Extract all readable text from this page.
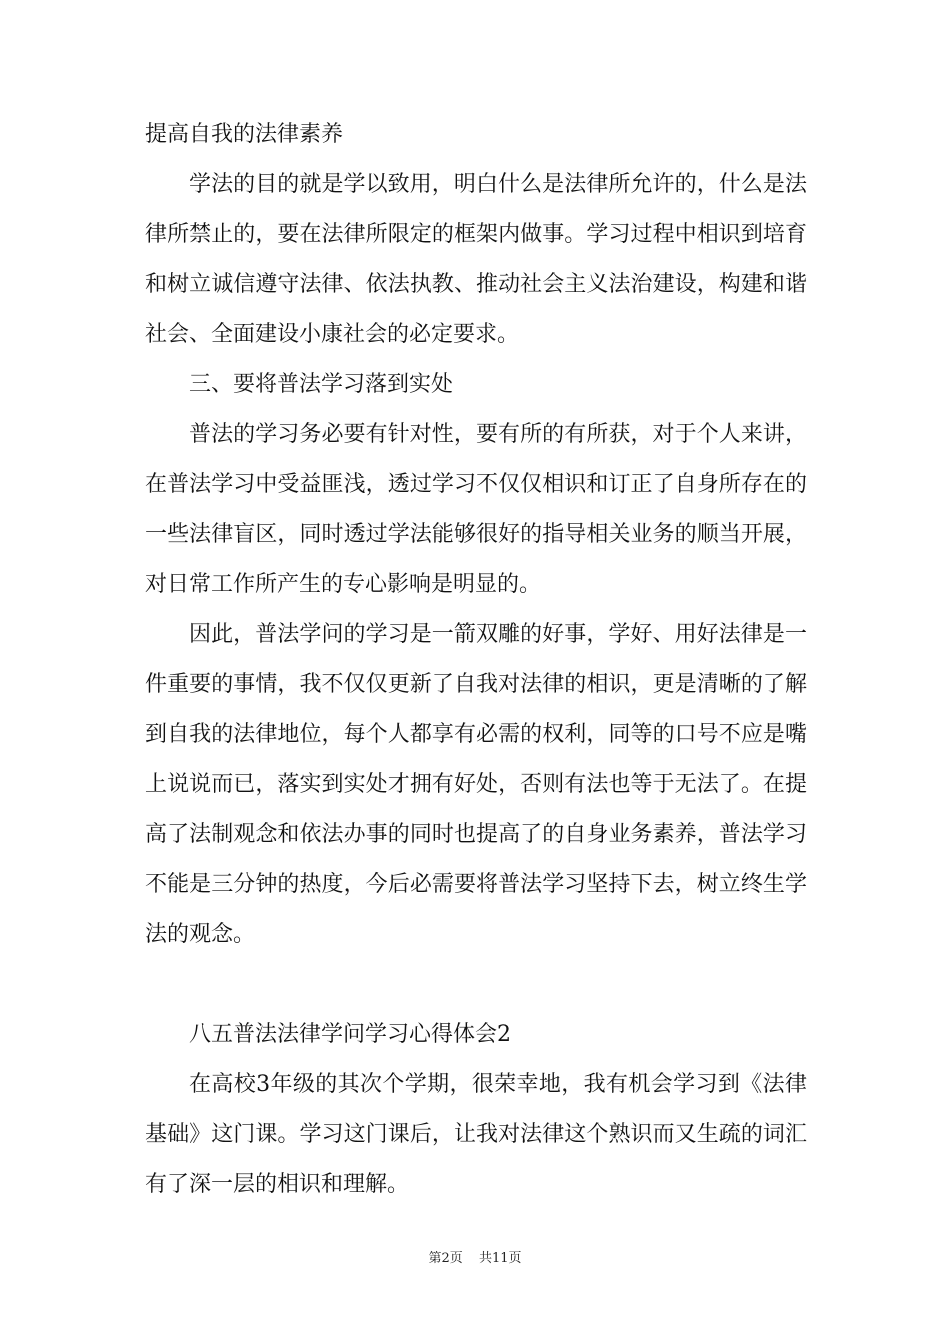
提高自我的法律素养
学法的目的就是学以致用，明白什么是法律所允许的，什么是法
律所禁止的，要在法律所限定的框架内做事。学习过程中相识到培育
和树立诚信遵守法律、依法执教、推动社会主义法治建设，构建和谐
社会、全面建设小康社会的必定要求。
三、要将普法学习落到实处
普法的学习务必要有针对性，要有所的有所获，对于个人来讲，
在普法学习中受益匪浅，透过学习不仅仅相识和订正了自身所存在的
一些法律盲区，同时透过学法能够很好的指导相关业务的顺当开展，
对日常工作所产生的专心影响是明显的。
因此，普法学问的学习是一箭双雕的好事，学好、用好法律是一
件重要的事情，我不仅仅更新了自我对法律的相识，更是清晰的了解
到自我的法律地位，每个人都享有必需的权利，同等的口号不应是嘴
上说说而已，落实到实处才拥有好处，否则有法也等于无法了。在提
高了法制观念和依法办事的同时也提高了的自身业务素养，普法学习
不能是三分钟的热度，今后必需要将普法学习坚持下去，树立终生学
法的观念。
八五普法法律学问学习心得体会2
在高校3年级的其次个学期，很荣幸地，我有机会学习到《法律
基础》这门课。学习这门课后，让我对法律这个熟识而又生疏的词汇
有了深一层的相识和理解。
第2页 共11页
